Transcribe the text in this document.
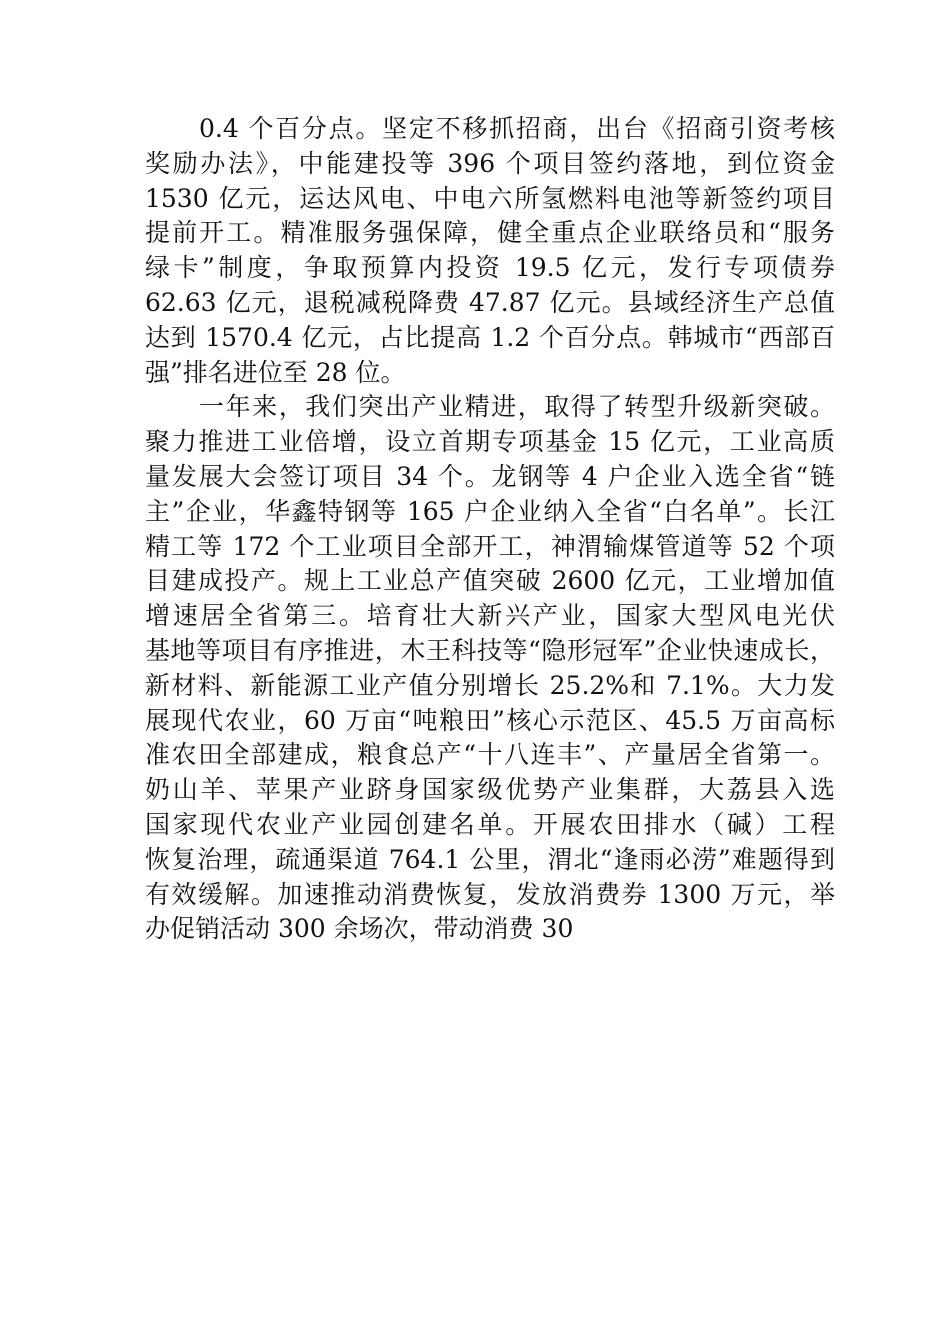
0.4 个百分点。坚定不移抓招商，出台《招商引资考核
奖励办法》，中能建投等 396 个项目签约落地，到位资金
1530 亿元，运达风电、中电六所氢燃料电池等新签约项目
提前开工。精准服务强保障，健全重点企业联络员和“服务
绿卡”制度，争取预算内投资 19.5 亿元，发行专项债券
62.63 亿元，退税减税降费 47.87 亿元。县域经济生产总值
达到 1570.4 亿元，占比提高 1.2 个百分点。韩城市“西部百
强”排名进位至 28 位。
一年来，我们突出产业精进，取得了转型升级新突破。
聚力推进工业倍增，设立首期专项基金 15 亿元，工业高质
量发展大会签订项目 34 个。龙钢等 4 户企业入选全省“链
主”企业，华鑫特钢等 165 户企业纳入全省“白名单”。长江
精工等 172 个工业项目全部开工，神渭输煤管道等 52 个项
目建成投产。规上工业总产值突破 2600 亿元，工业增加值
增速居全省第三。培育壮大新兴产业，国家大型风电光伏
基地等项目有序推进，木王科技等“隐形冠军”企业快速成长，
新材料、新能源工业产值分别增长 25.2%和 7.1%。大力发
展现代农业，60 万亩“吨粮田”核心示范区、45.5 万亩高标
准农田全部建成，粮食总产“十八连丰”、产量居全省第一。
奶山羊、苹果产业跻身国家级优势产业集群，大荔县入选
国家现代农业产业园创建名单。开展农田排水（碱）工程
恢复治理，疏通渠道 764.1 公里，渭北“逢雨必涝”难题得到
有效缓解。加速推动消费恢复，发放消费券 1300 万元，举
办促销活动 300 余场次，带动消费 30
